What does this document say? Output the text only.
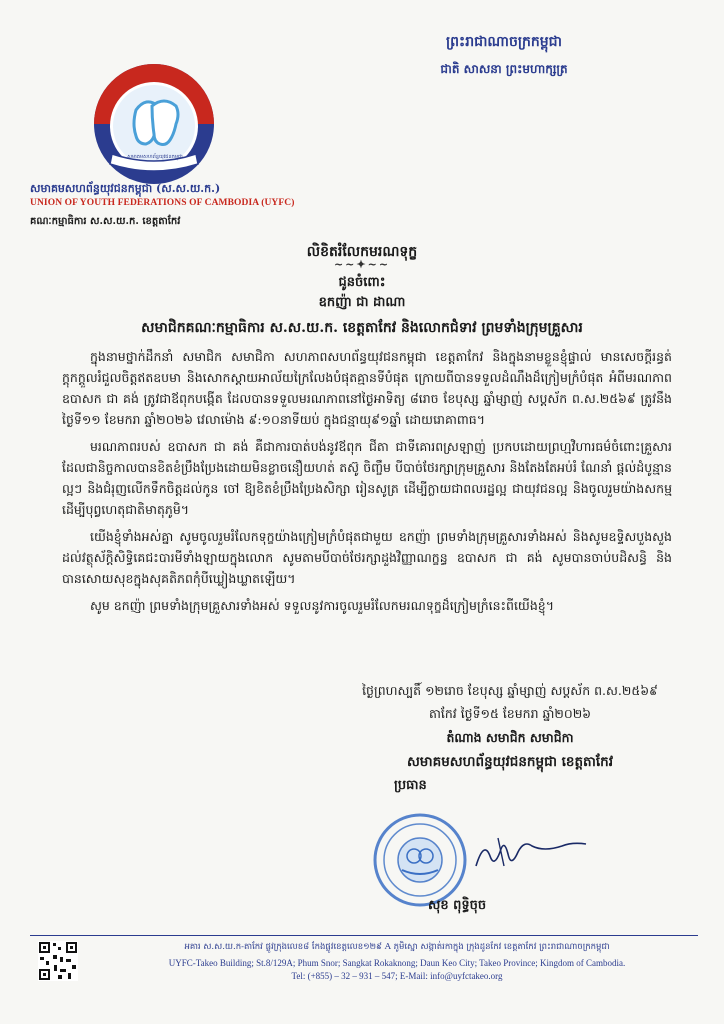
សមាគមសហព័ន្ធយុវជនកម្ពុជា
សមាគមសហព័ន្ធយុវជនកម្ពុជា (ស.ស.យ.ក.)
UNION OF YOUTH FEDERATIONS OF CAMBODIA (UYFC)
គណៈកម្មាធិការ ស.ស.យ.ក. ខេត្តតាកែវ
ព្រះរាជាណាចក្រកម្ពុជា
ជាតិ សាសនា ព្រះមហាក្សត្រ
លិខិតរំលែកមរណទុក្ខ
~~✦~~
ជូនចំពោះ
ឧកញ៉ា ជា ដាណា
សមាជិកគណៈកម្មាធិការ ស.ស.យ.ក. ខេត្តតាកែវ និងលោកជំទាវ ព្រមទាំងក្រុមគ្រួសារ

ក្នុងនាមថ្នាក់ដឹកនាំ សមាជិក សមាជិកា សហភាពសហព័ន្ធយុវជនកម្ពុជា ខេត្តតាកែវ និងក្នុងនាមខ្លួនខ្ញុំផ្ទាល់ មានសេចក្តីរន្ធត់ក្តុកក្តួលរំជួលចិត្តឥតឧបមា និងសោកស្តាយអាល័យក្រៃលែងបំផុតគ្មានទីបំផុត ក្រោយពីបានទទួលដំណឹងដ៏ក្រៀមក្រំបំផុត អំពីមរណភាព ឧបាសក ជា គង់ ត្រូវជាឪពុកបង្កើត ដែលបានទទួលមរណភាពនៅថ្ងៃអាទិត្យ ៨រោច ខែបុស្ស ឆ្នាំម្សាញ់ សប្តស័ក ព.ស.២៥៦៩ ត្រូវនឹងថ្ងៃទី១១ ខែមករា ឆ្នាំ២០២៦ វេលាម៉ោង ៩:១០នាទីយប់ ក្នុងជន្មាយុ៩១ឆ្នាំ ដោយរោគាពាធ។

មរណភាពរបស់ ឧបាសក ជា គង់ គឺជាការបាត់បង់នូវឪពុក ជីតា ជាទីគោរពស្រឡាញ់ ប្រកបដោយព្រហ្មវិហារធម៌ចំពោះគ្រួសារ ដែលជានិច្ចកាលបានខិតខំប្រឹងប្រែងដោយមិនខ្លាចនឿយហត់ តស៊ូ ចិញ្ចឹម បីបាច់ថែរក្សាក្រុមគ្រួសារ និងតែងតែអប់រំ ណែនាំ ផ្តល់ដំបូន្មានល្អៗ និងជំរុញលើកទឹកចិត្តដល់កូន ចៅ ឱ្យខិតខំប្រឹងប្រែងសិក្សា រៀនសូត្រ ដើម្បីក្លាយជាពលរដ្ឋល្អ ជាយុវជនល្អ និងចូលរួមយ៉ាងសកម្មដើម្បីបុព្វហេតុជាតិមាតុភូមិ។

យើងខ្ញុំទាំងអស់គ្នា សូមចូលរួមរំលែកទុក្ខយ៉ាងក្រៀមក្រំបំផុតជាមួយ ឧកញ៉ា ព្រមទាំងក្រុមគ្រួសារទាំងអស់ និងសូមឧទ្ទិសបួងសួងដល់វត្ថុស័ក្តិសិទ្ធិគេជះបារមីទាំងឡាយក្នុងលោក សូមតាមបីបាច់ថែរក្សាដួងវិញ្ញាណក្ខន្ធ ឧបាសក ជា គង់ សូមបានចាប់បដិសន្ធិ និងបានសោយសុខក្នុងសុគតិភពកុំបីឃ្លៀងឃ្លាតឡើយ។

សូម ឧកញ៉ា ព្រមទាំងក្រុមគ្រួសារទាំងអស់ ទទួលនូវការចូលរួមរំលែកមរណទុក្ខដ៏ក្រៀមក្រំនេះពីយើងខ្ញុំ។

ថ្ងៃព្រហស្បតិ៍ ១២រោច ខែបុស្ស ឆ្នាំម្សាញ់ សប្តស័ក ព.ស.២៥៦៩
តាកែវ ថ្ងៃទី១៥ ខែមករា ឆ្នាំ២០២៦
តំណាង សមាជិក សមាជិកា
សមាគមសហព័ន្ធយុវជនកម្ពុជា ខេត្តតាកែវ
ប្រធាន
សុខ ពុទ្ធិចុច
អគារ ស.ស.យ.ក-តាកែវ ផ្លូវក្រុងលេខ៨ កែងផ្លូវខេត្តលេខ១២៩ A ភូមិស្នោ សង្កាត់រកាក្នុង ក្រុងដូនកែវ ខេត្តតាកែវ ព្រះរាជាណាចក្រកម្ពុជា
UYFC-Takeo Building; St.8/129A; Phum Snor; Sangkat Rokaknong; Daun Keo City; Takeo Province; Kingdom of Cambodia.
Tel: (+855) – 32 – 931 – 547; E-Mail: info@uyfctakeo.org
